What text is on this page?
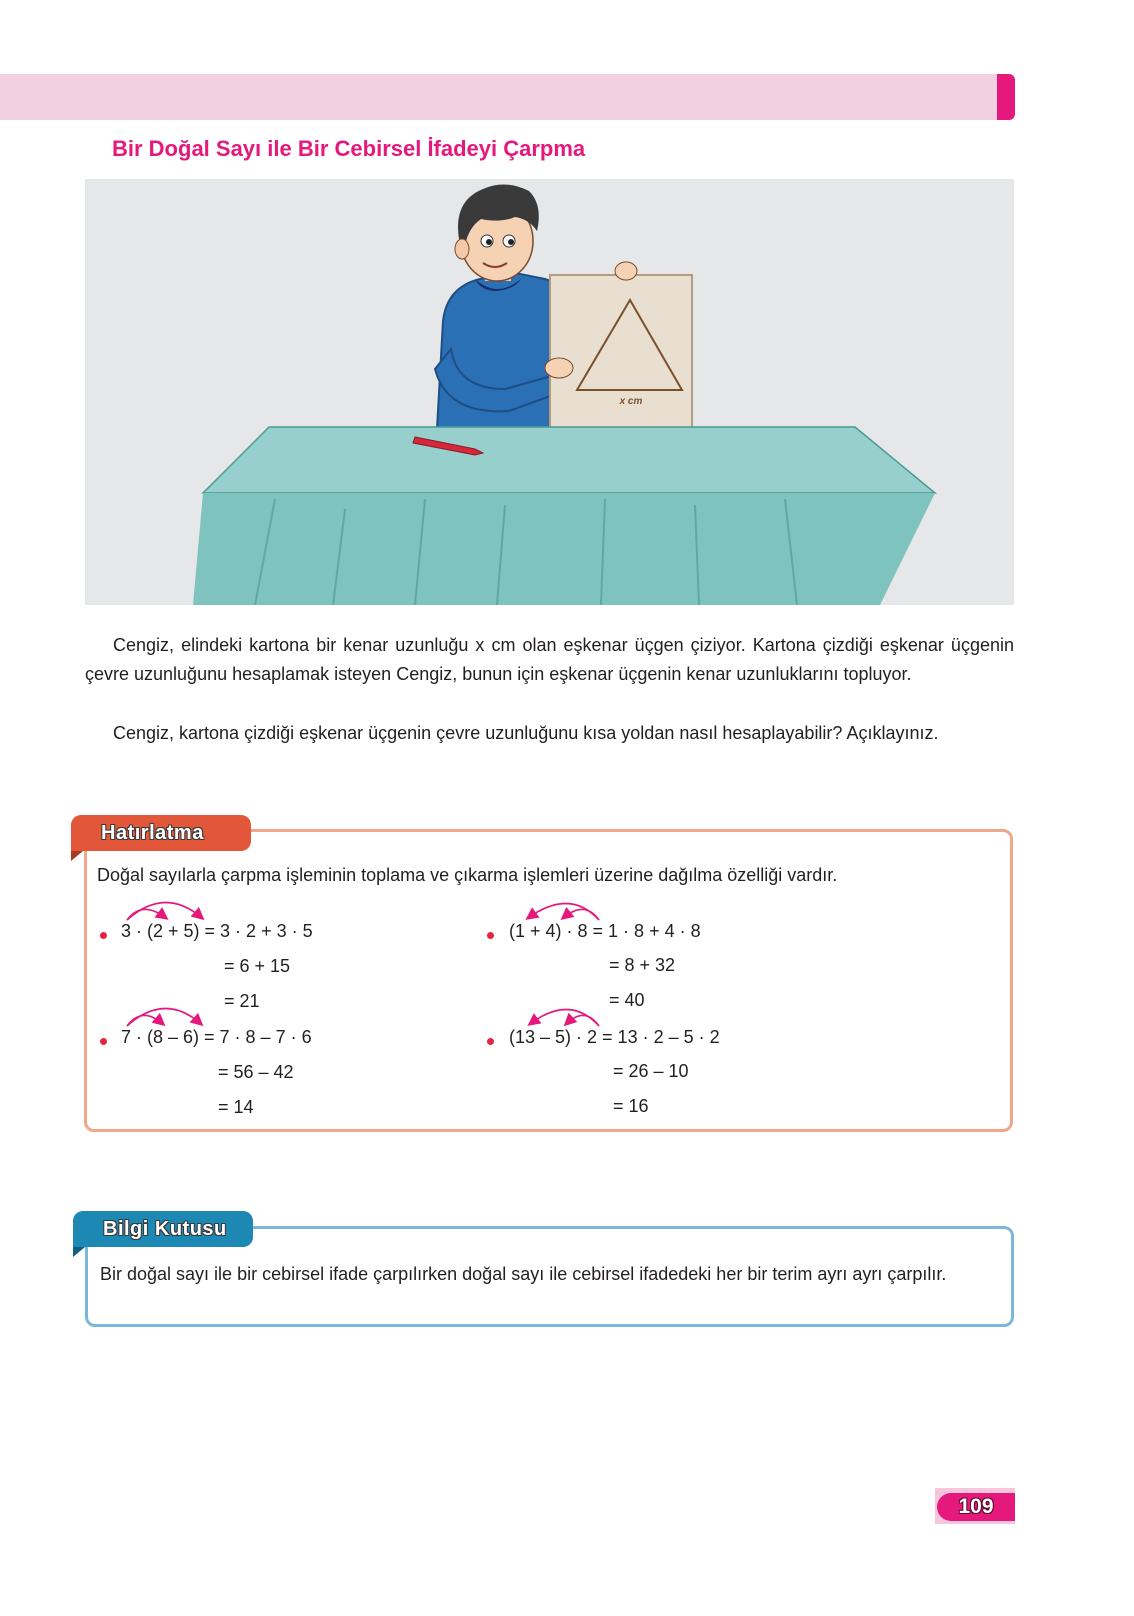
Bir Doğal Sayı ile Bir Cebirsel İfadeyi Çarpma
x cm
Cengiz, elindeki kartona bir kenar uzunluğu x cm olan eşkenar üçgen çiziyor. Kartona çizdiği eşkenar üçgenin çevre uzunluğunu hesaplamak isteyen Cengiz, bunun için eşkenar üçgenin kenar uzunluklarını topluyor.
Cengiz, kartona çizdiği eşkenar üçgenin çevre uzunluğunu kısa yoldan nasıl hesaplayabilir? Açıklayınız.
Hatırlatma
Doğal sayılarla çarpma işleminin toplama ve çıkarma işlemleri üzerine dağılma özelliği vardır.
3 · (2 + 5) = 3 · 2 + 3 · 5
= 6 + 15
= 21
(1 + 4) · 8 = 1 · 8 + 4 · 8
= 8 + 32
= 40
7 · (8 – 6) = 7 · 8 – 7 · 6
= 56 – 42
= 14
(13 – 5) · 2 = 13 · 2 – 5 · 2
= 26 – 10
= 16
Bilgi Kutusu
Bir doğal sayı ile bir cebirsel ifade çarpılırken doğal sayı ile cebirsel ifadedeki her bir terim ayrı ayrı çarpılır.
109
